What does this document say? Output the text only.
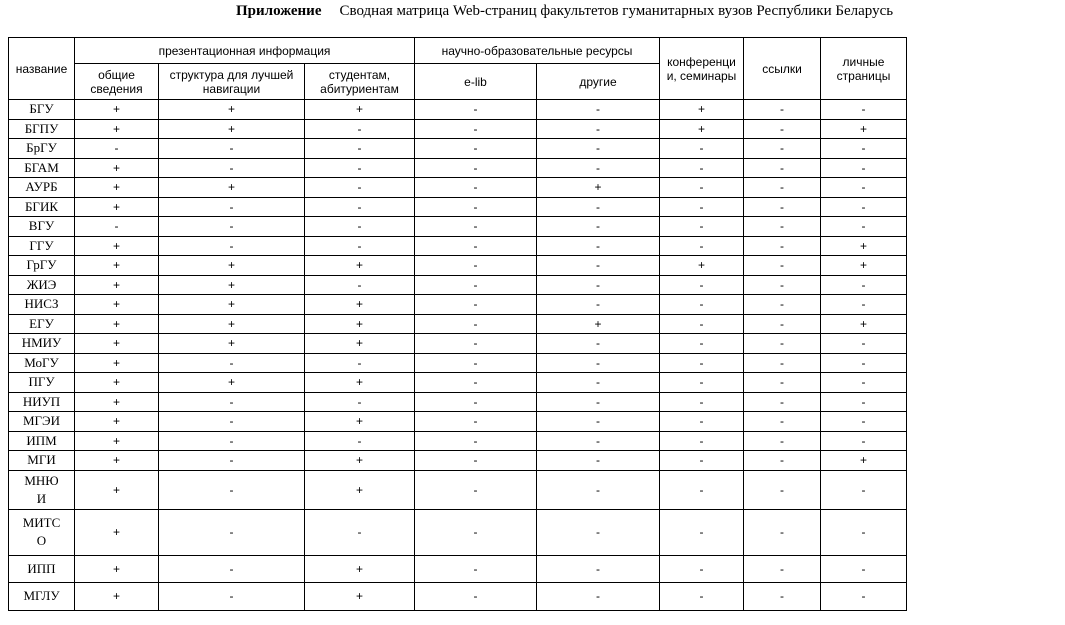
Приложение Сводная матрица Web-страниц факультетов гуманитарных вузов Республики Беларусь
название	презентационная информация			научно-образовательные ресурсы		конференции, семинары	ссылки	личные страницы
	общие сведения	структура для лучшей навигации	студентам, абитуриентам	e-lib	другие			
БГУ	+	+	+	-	-	+	-	-
БГПУ	+	+	-	-	-	+	-	+
БрГУ	-	-	-	-	-	-	-	-
БГАМ	+	-	-	-	-	-	-	-
АУРБ	+	+	-	-	+	-	-	-
БГИК	+	-	-	-	-	-	-	-
ВГУ	-	-	-	-	-	-	-	-
ГГУ	+	-	-	-	-	-	-	+
ГрГУ	+	+	+	-	-	+	-	+
ЖИЭ	+	+	-	-	-	-	-	-
НИСЗ	+	+	+	-	-	-	-	-
ЕГУ	+	+	+	-	+	-	-	+
НМИУ	+	+	+	-	-	-	-	-
МоГУ	+	-	-	-	-	-	-	-
ПГУ	+	+	+	-	-	-	-	-
НИУП	+	-	-	-	-	-	-	-
МГЭИ	+	-	+	-	-	-	-	-
ИПМ	+	-	-	-	-	-	-	-
МГИ	+	-	+	-	-	-	-	+
МНЮИ	+	-	+	-	-	-	-	-
МИТСО	+	-	-	-	-	-	-	-
ИПП	+	-	+	-	-	-	-	-
МГЛУ	+	-	+	-	-	-	-	-
